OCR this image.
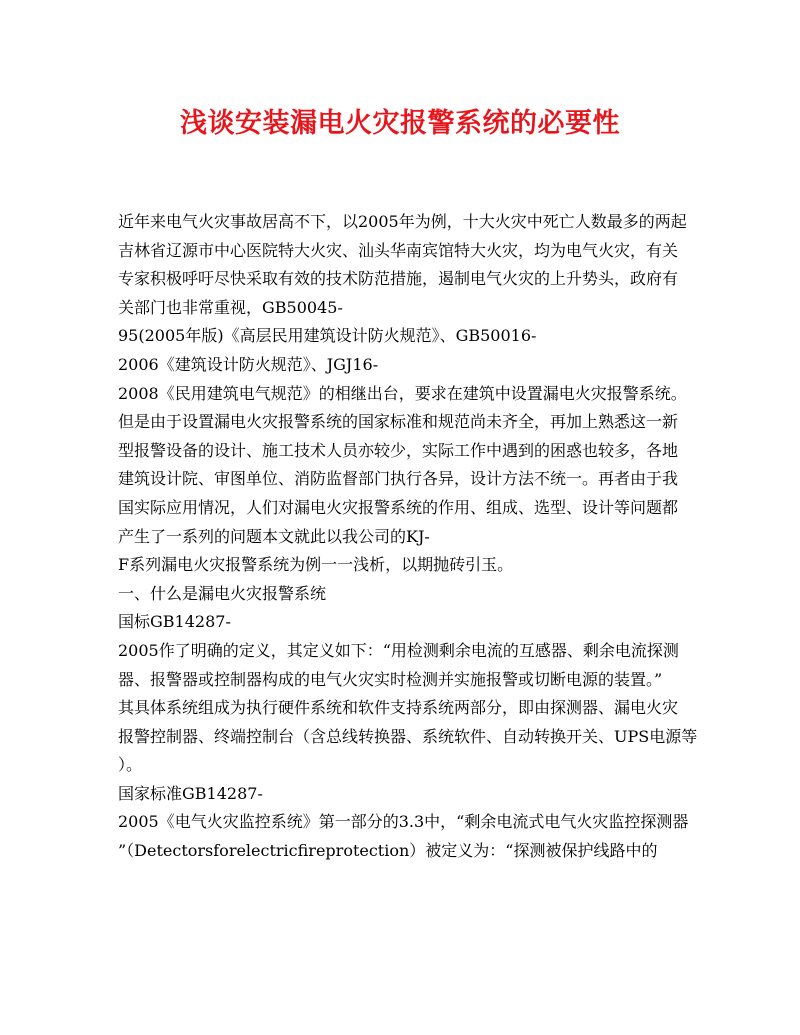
浅谈安装漏电火灾报警系统的必要性
近年来电气火灾事故居高不下，以2005年为例，十大火灾中死亡人数最多的两起
吉林省辽源市中心医院特大火灾、汕头华南宾馆特大火灾，均为电气火灾，有关
专家积极呼吁尽快采取有效的技术防范措施，遏制电气火灾的上升势头，政府有
关部门也非常重视，GB50045-
95(2005年版)《高层民用建筑设计防火规范》、GB50016-
2006《建筑设计防火规范》、JGJ16-
2008《民用建筑电气规范》的相继出台，要求在建筑中设置漏电火灾报警系统。
但是由于设置漏电火灾报警系统的国家标准和规范尚未齐全，再加上熟悉这一新
型报警设备的设计、施工技术人员亦较少，实际工作中遇到的困惑也较多，各地
建筑设计院、审图单位、消防监督部门执行各异，设计方法不统一。再者由于我
国实际应用情况，人们对漏电火灾报警系统的作用、组成、选型、设计等问题都
产生了一系列的问题本文就此以我公司的KJ-
F系列漏电火灾报警系统为例一一浅析，以期抛砖引玉。
一、什么是漏电火灾报警系统
国标GB14287-
2005作了明确的定义，其定义如下：“用检测剩余电流的互感器、剩余电流探测
器、报警器或控制器构成的电气火灾实时检测并实施报警或切断电源的装置。”
其具体系统组成为执行硬件系统和软件支持系统两部分，即由探测器、漏电火灾
报警控制器、终端控制台（含总线转换器、系统软件、自动转换开关、UPS电源等
）。
国家标准GB14287-
2005《电气火灾监控系统》第一部分的3.3中，“剩余电流式电气火灾监控探测器
”（Detectorsforelectricfireprotection）被定义为：“探测被保护线路中的
